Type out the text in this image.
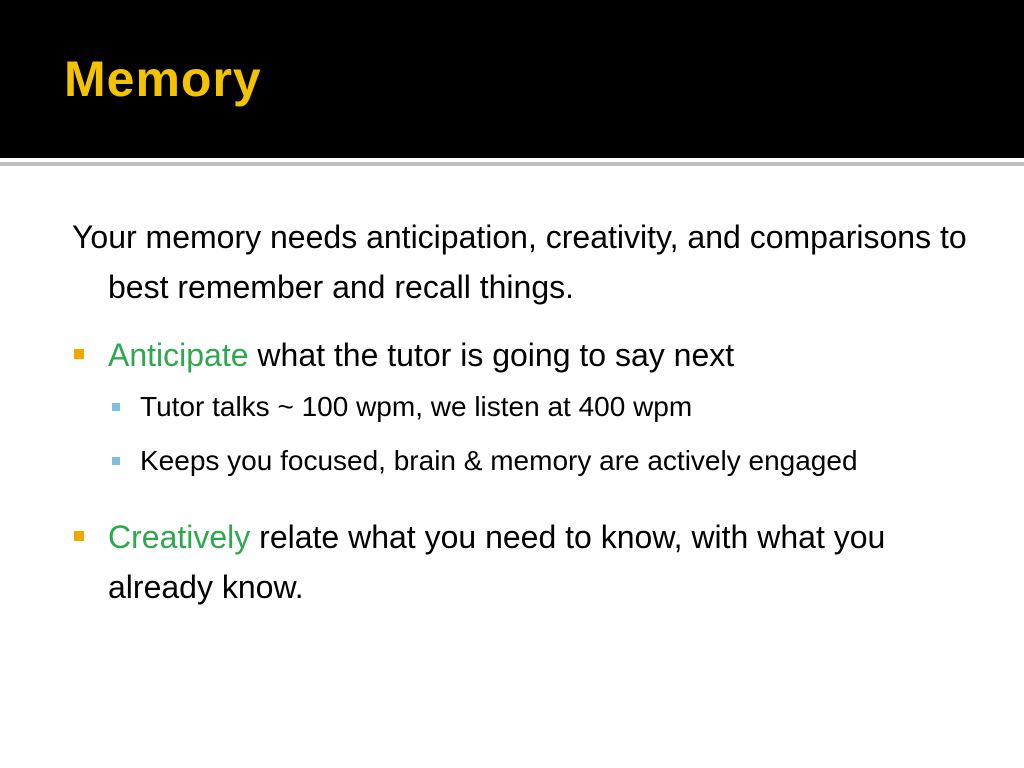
Memory

Your memory needs anticipation, creativity, and comparisons to best remember and recall things.

Anticipate what the tutor is going to say next
Tutor talks ~ 100 wpm, we listen at 400 wpm
Keeps you focused, brain & memory are actively engaged
Creatively relate what you need to know, with what you already know.
